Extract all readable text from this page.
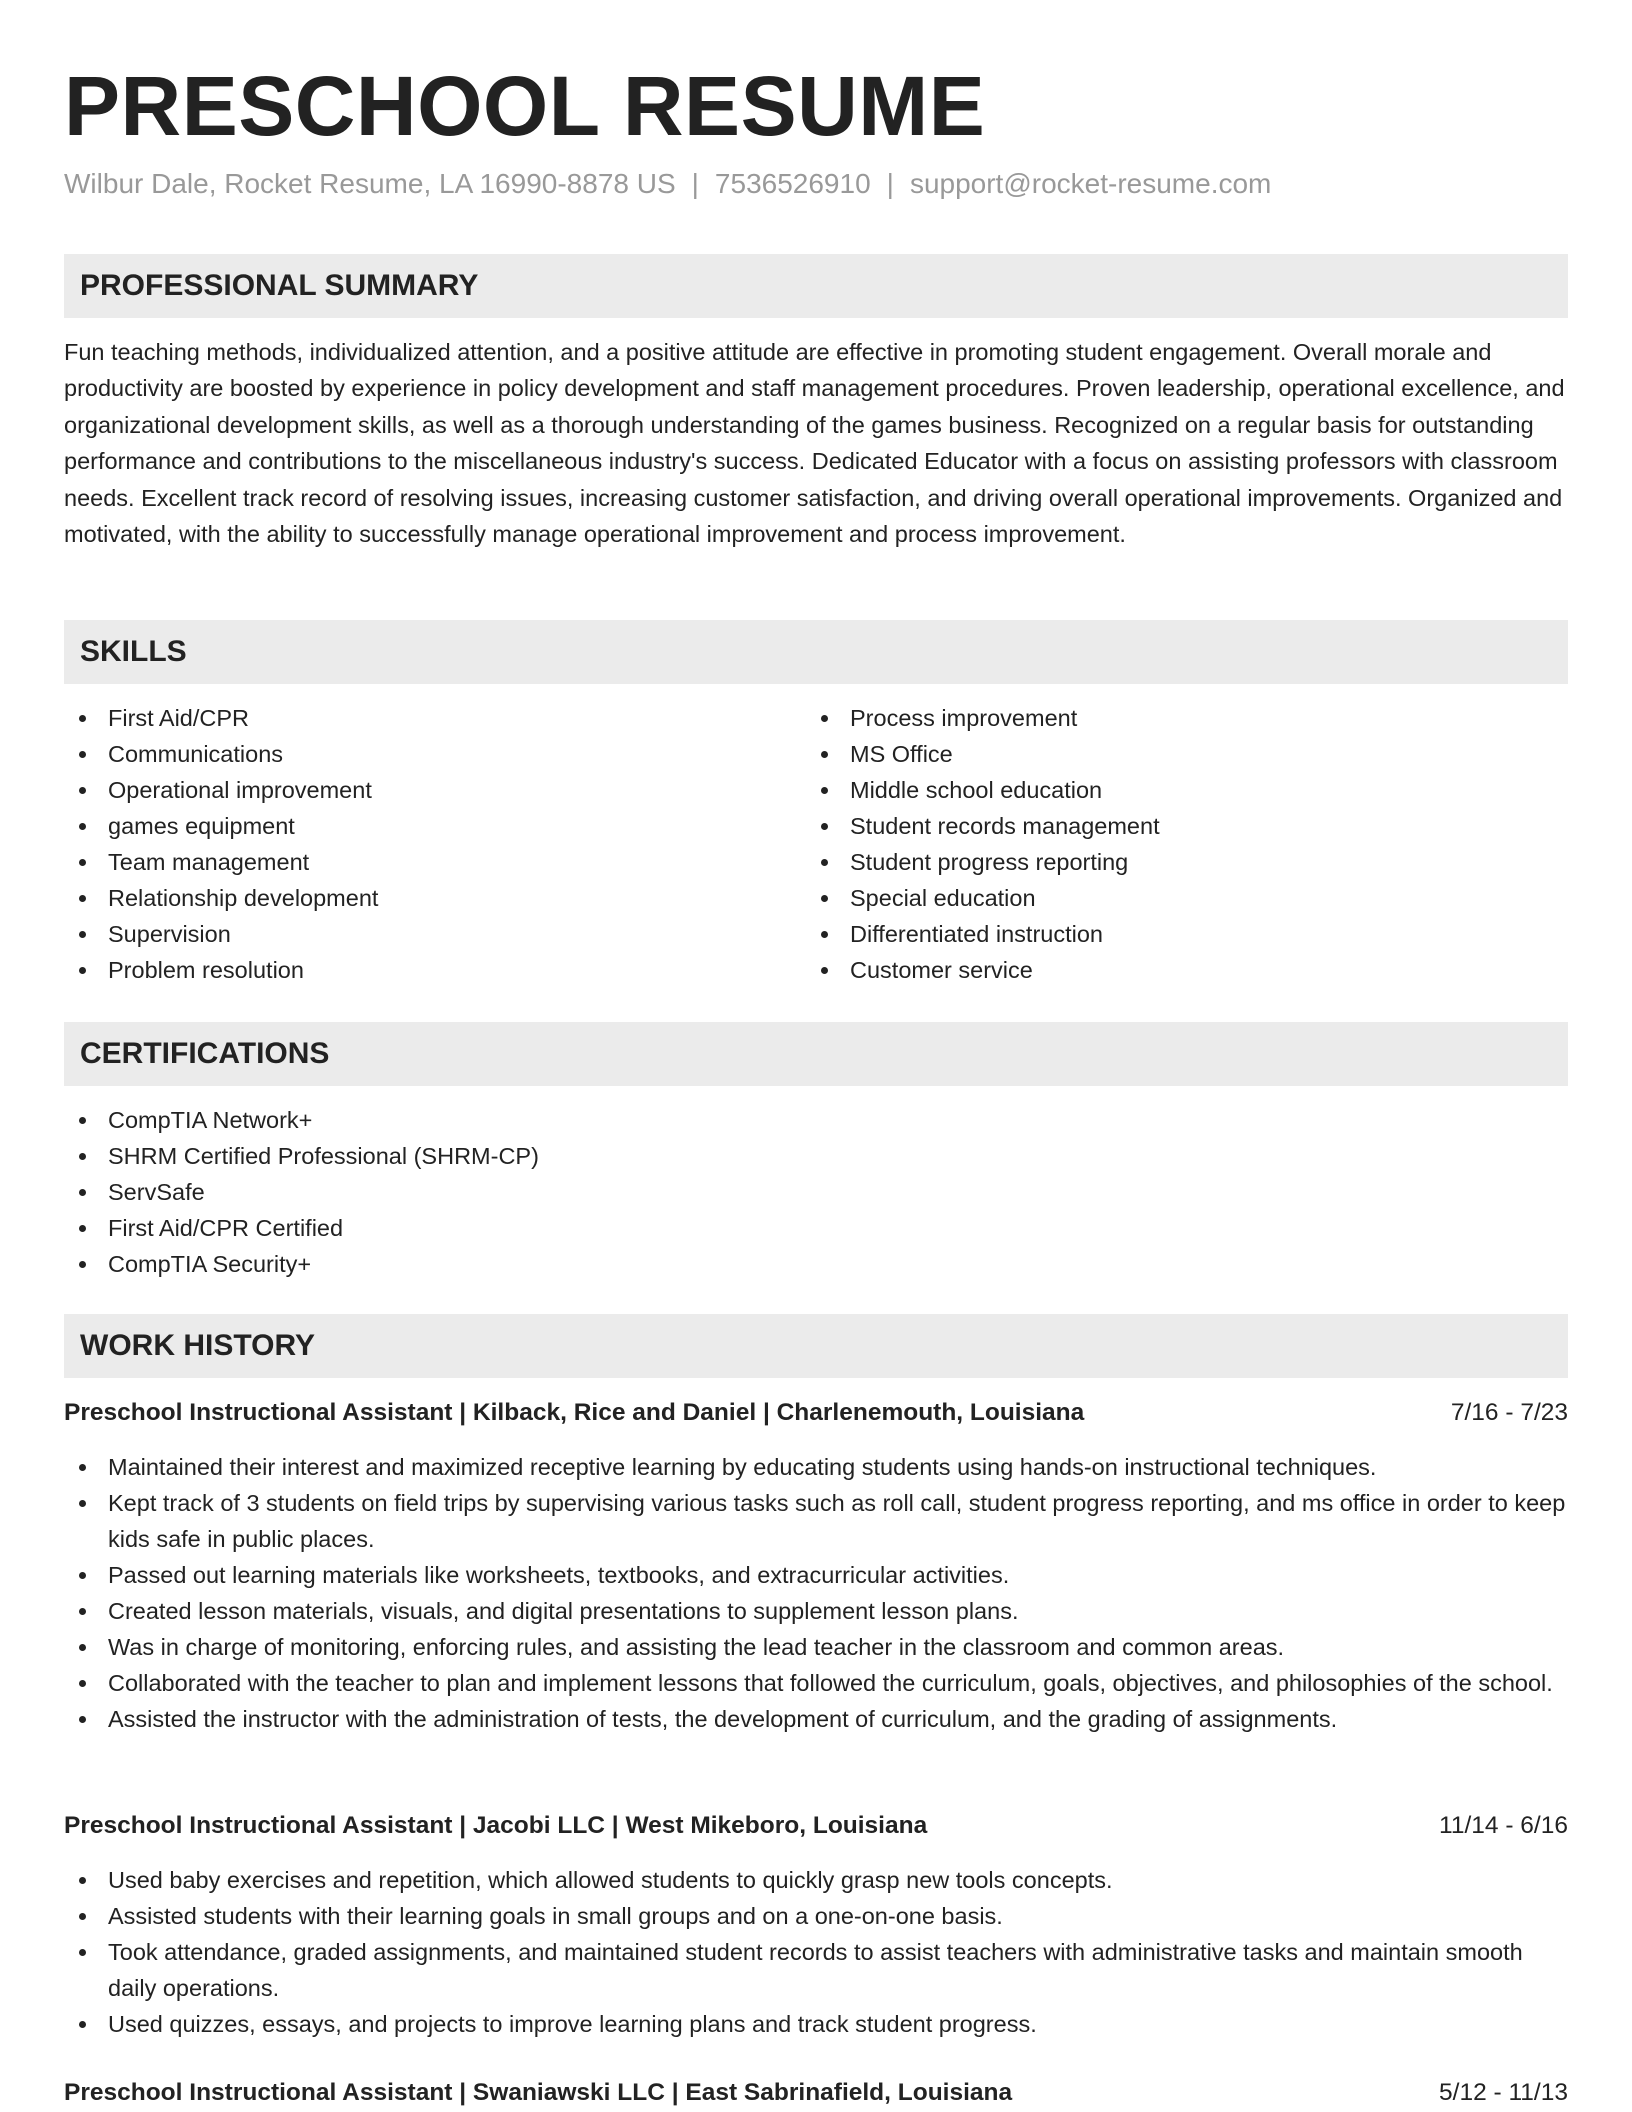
PRESCHOOL RESUME
Wilbur Dale, Rocket Resume, LA 16990-8878 US | 7536526910 | support@rocket-resume.com
PROFESSIONAL SUMMARY

Fun teaching methods, individualized attention, and a positive attitude are effective in promoting student engagement. Overall morale and productivity are boosted by experience in policy development and staff management procedures. Proven leadership, operational excellence, and organizational development skills, as well as a thorough understanding of the games business. Recognized on a regular basis for outstanding performance and contributions to the miscellaneous industry's success. Dedicated Educator with a focus on assisting professors with classroom needs. Excellent track record of resolving issues, increasing customer satisfaction, and driving overall operational improvements. Organized and motivated, with the ability to successfully manage operational improvement and process improvement.

SKILLS
First Aid/CPR
Communications
Operational improvement
games equipment
Team management
Relationship development
Supervision
Problem resolution
Process improvement
MS Office
Middle school education
Student records management
Student progress reporting
Special education
Differentiated instruction
Customer service
CERTIFICATIONS
CompTIA Network+
SHRM Certified Professional (SHRM-CP)
ServSafe
First Aid/CPR Certified
CompTIA Security+
WORK HISTORY
Preschool Instructional Assistant | Kilback, Rice and Daniel | Charlenemouth, Louisiana	7/16 - 7/23
Maintained their interest and maximized receptive learning by educating students using hands-on instructional techniques.
Kept track of 3 students on field trips by supervising various tasks such as roll call, student progress reporting, and ms office in order to keep kids safe in public places.
Passed out learning materials like worksheets, textbooks, and extracurricular activities.
Created lesson materials, visuals, and digital presentations to supplement lesson plans.
Was in charge of monitoring, enforcing rules, and assisting the lead teacher in the classroom and common areas.
Collaborated with the teacher to plan and implement lessons that followed the curriculum, goals, objectives, and philosophies of the school.
Assisted the instructor with the administration of tests, the development of curriculum, and the grading of assignments.
Preschool Instructional Assistant | Jacobi LLC | West Mikeboro, Louisiana	11/14 - 6/16
Used baby exercises and repetition, which allowed students to quickly grasp new tools concepts.
Assisted students with their learning goals in small groups and on a one-on-one basis.
Took attendance, graded assignments, and maintained student records to assist teachers with administrative tasks and maintain smooth daily operations.
Used quizzes, essays, and projects to improve learning plans and track student progress.
Preschool Instructional Assistant | Swaniawski LLC | East Sabrinafield, Louisiana	5/12 - 11/13
